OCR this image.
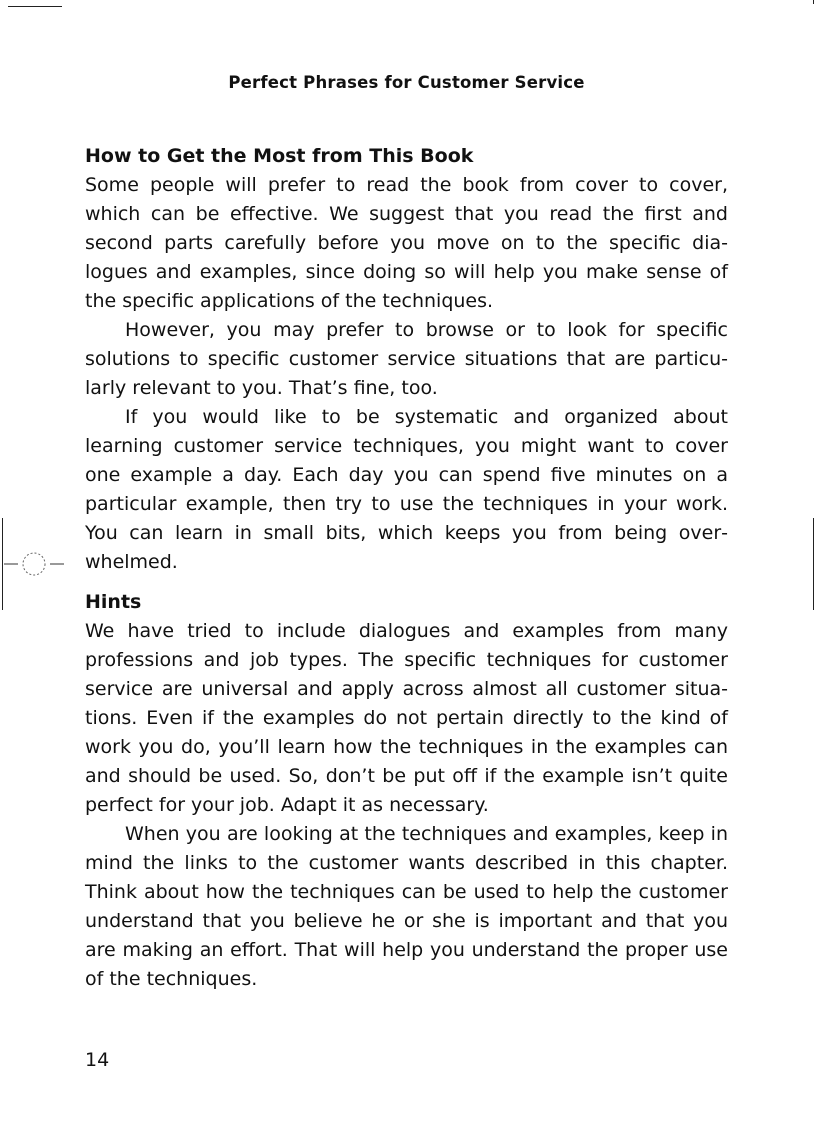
Perfect Phrases for Customer Service
How to Get the Most from This Book

Some people will prefer to read the book from cover to cover, which can be effective. We suggest that you read the first and second parts carefully before you move on to the specific dialogues and examples, since doing so will help you make sense of the specific applications of the techniques.

However, you may prefer to browse or to look for specific solutions to specific customer service situations that are particularly relevant to you. That’s fine, too.

If you would like to be systematic and organized about learning customer service techniques, you might want to cover one example a day. Each day you can spend five minutes on a particular example, then try to use the techniques in your work. You can learn in small bits, which keeps you from being overwhelmed.

Hints

We have tried to include dialogues and examples from many professions and job types. The specific techniques for customer service are universal and apply across almost all customer situations. Even if the examples do not pertain directly to the kind of work you do, you’ll learn how the techniques in the examples can and should be used. So, don’t be put off if the example isn’t quite perfect for your job. Adapt it as necessary.

When you are looking at the techniques and examples, keep in mind the links to the customer wants described in this chapter. Think about how the techniques can be used to help the customer understand that you believe he or she is important and that you are making an effort. That will help you understand the proper use of the techniques.

14
